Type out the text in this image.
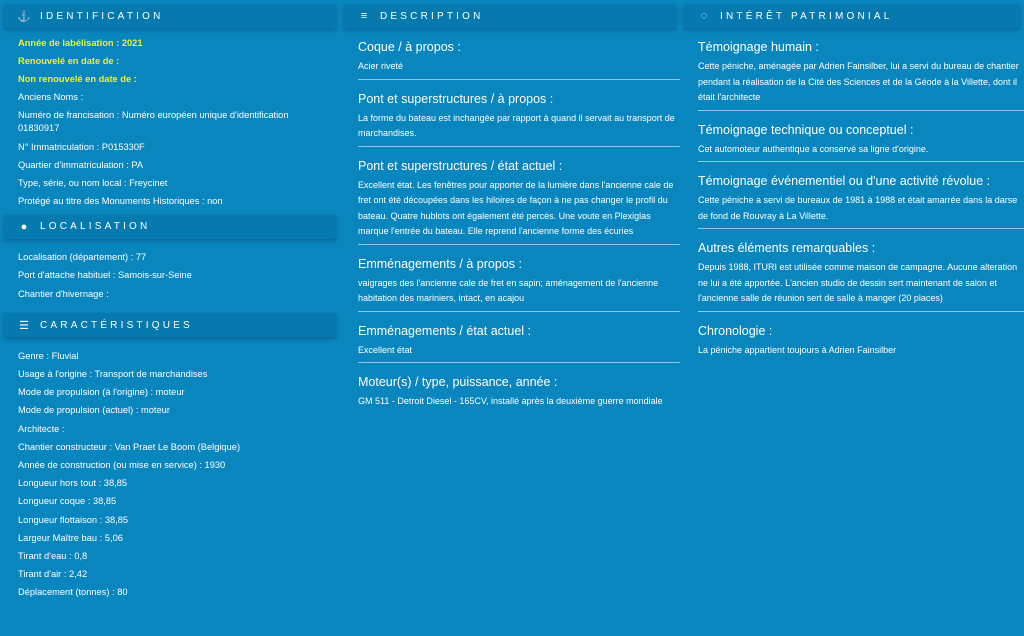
⚓ IDENTIFICATION
Année de labélisation : 2021
Renouvelé en date de :
Non renouvelé en date de :
Anciens Noms :
Numéro de francisation : Numéro européen unique d'identification 01830917
N° Immatriculation : P015330F
Quartier d'immatriculation : PA
Type, série, ou nom local : Freycinet
Protégé au titre des Monuments Historiques : non
●	LOCALISATION
Localisation (département) : 77
Port d'attache habituel : Samois-sur-Seine
Chantier d'hivernage :
☰	CARACTÉRISTIQUES
Genre : Fluvial
Usage à l'origine : Transport de marchandises
Mode de propulsion (à l'origine) : moteur
Mode de propulsion (actuel) : moteur
Architecte :
Chantier constructeur : Van Praet Le Boom (Belgique)
Année de construction (ou mise en service) : 1930
Longueur hors tout : 38,85
Longueur coque : 38,85
Longueur flottaison : 38,85
Largeur Maître bau : 5,06
Tirant d'eau : 0,8
Tirant d'air : 2,42
Déplacement (tonnes) : 80
≡	DESCRIPTION
Coque / à propos :
Acier riveté
Pont et superstructures / à propos :
La forme du bateau est inchangée par rapport à quand il servait au transport de marchandises.
Pont et superstructures / état actuel :
Excellent état. Les fenêtres pour apporter de la lumière dans l'ancienne cale de fret ont été découpées dans les hiloires de façon à ne pas changer le profil du bateau. Quatre hublots ont également été percés. Une voute en Plexiglas marque l'entrée du bateau. Elle reprend l'ancienne forme des écuries
Emménagements / à propos :
vaigrages des l'ancienne cale de fret en sapin; aménagement de l'ancienne habitation des mariniers, intact, en acajou
Emménagements / état actuel :
Excellent état
Moteur(s) / type, puissance, année :
GM 511 - Detroit Diesel - 165CV, installé après la deuxième guerre mondiale
◌	INTÉRÊT PATRIMONIAL
Témoignage humain :
Cette péniche, aménagée par Adrien Fainsilber, lui a servi du bureau de chantier pendant la réalisation de la Cité des Sciences et de la Géode à la Villette, dont il était l'architecte
Témoignage technique ou conceptuel :
Cet automoteur authentique a conservé sa ligne d'origine.
Témoignage événementiel ou d'une activité révolue :
Cette péniche a servi de bureaux de 1981 à 1988 et était amarrée dans la darse de fond de Rouvray à La Villette.
Autres éléments remarquables :
Depuis 1988, ITURI est utilisée comme maison de campagne. Aucune alteration ne lui a été apportée. L'ancien studio de dessin sert maintenant de salon et l'ancienne salle de réunion sert de salle à manger (20 places)
Chronologie :
La péniche appartient toujours à Adrien Fainsilber
